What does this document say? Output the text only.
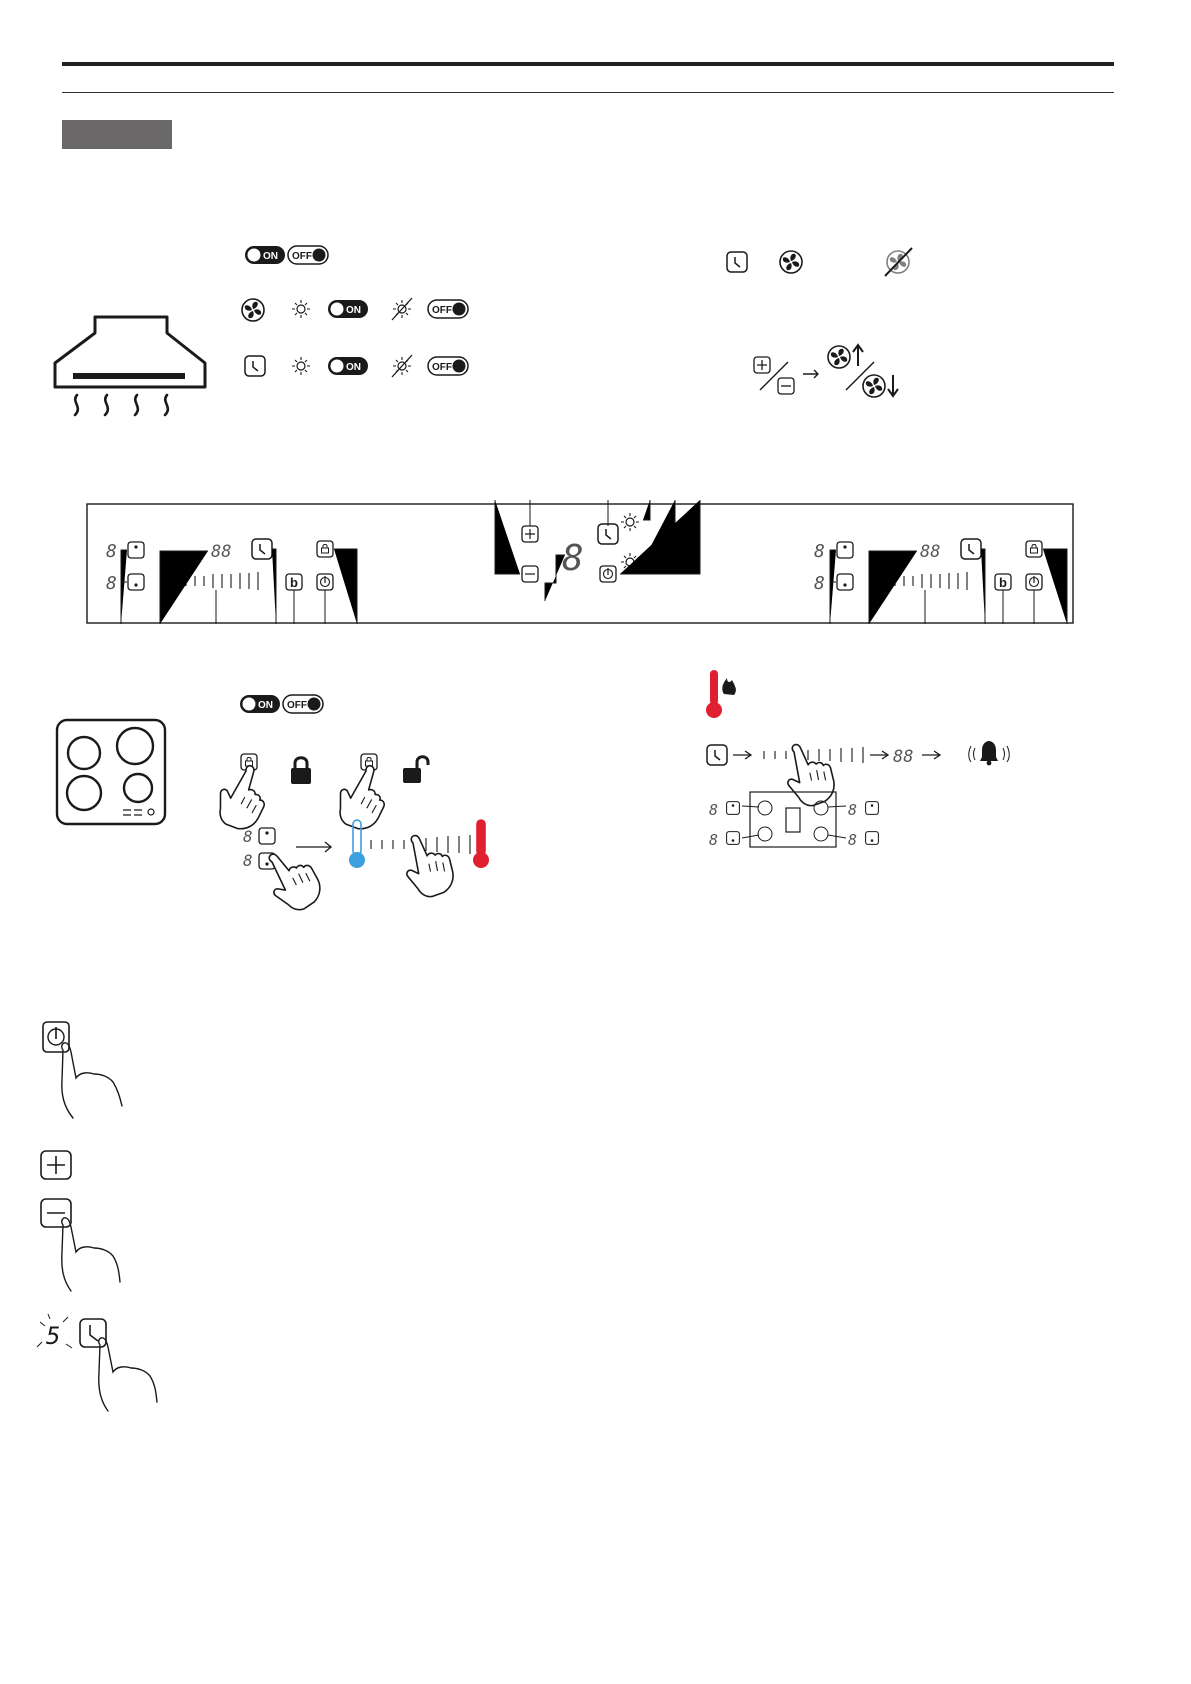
ON OFF
ON	OFF
ON	OFF
8
8
88
b
8	8
8
88
b
ON OFF
8
8
88
8
8
8
8
5
